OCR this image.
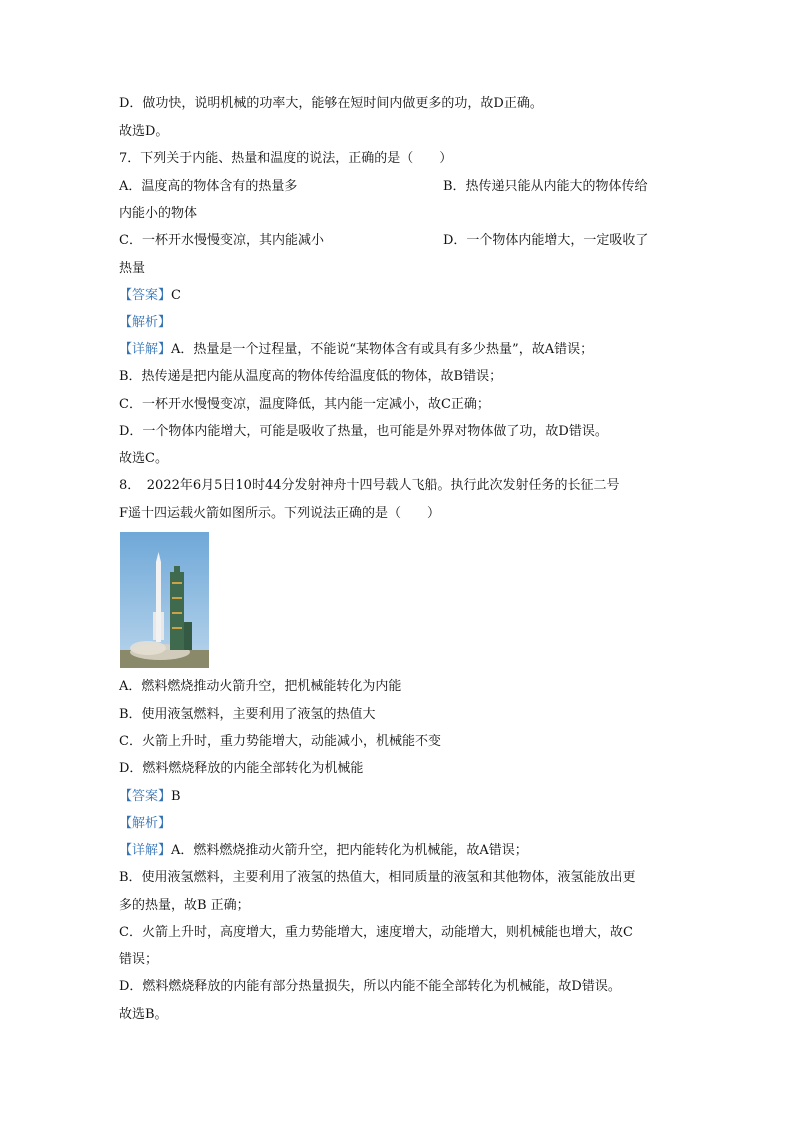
D．做功快，说明机械的功率大，能够在短时间内做更多的功，故D正确。
故选D。
7．下列关于内能、热量和温度的说法，正确的是（　　）
A．温度高的物体含有的热量多	B．热传递只能从内能大的物体传给
内能小的物体
C．一杯开水慢慢变凉，其内能减小	D．一个物体内能增大，一定吸收了
热量
【答案】C
【解析】
【详解】A．热量是一个过程量，不能说“某物体含有或具有多少热量”，故A错误；
B．热传递是把内能从温度高的物体传给温度低的物体，故B错误；
C．一杯开水慢慢变凉，温度降低，其内能一定减小，故C正确；
D．一个物体内能增大，可能是吸收了热量，也可能是外界对物体做了功，故D错误。
故选C。
8．　2022年6月5日10时44分发射神舟十四号载人飞船。执行此次发射任务的长征二号
F遥十四运载火箭如图所示。下列说法正确的是（　　）
A．燃料燃烧推动火箭升空，把机械能转化为内能
B．使用液氢燃料，主要利用了液氢的热值大
C．火箭上升时，重力势能增大，动能减小，机械能不变
D．燃料燃烧释放的内能全部转化为机械能
【答案】B
【解析】
【详解】A．燃料燃烧推动火箭升空，把内能转化为机械能，故A错误；
B．使用液氢燃料，主要利用了液氢的热值大，相同质量的液氢和其他物体，液氢能放出更
多的热量，故B 正确；
C．火箭上升时，高度增大，重力势能增大，速度增大，动能增大，则机械能也增大，故C
错误；
D．燃料燃烧释放的内能有部分热量损失，所以内能不能全部转化为机械能，故D错误。
故选B。
